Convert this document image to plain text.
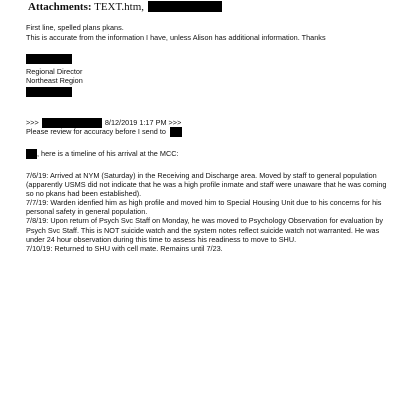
Attachments: TEXT.htm,
First line, spelled plans pkans.
This is accurate from the information I have, unless Alison has additional information. Thanks
Regional Director
Northeast Region
>>>	8/12/2019 1:17 PM >>>
Please review for accuracy before I send to
, here is a timeline of his arrival at the MCC:

7/6/19: Arrived at NYM (Saturday) in the Receiving and Discharge area. Moved by staff to general population (apparently USMS did not indicate that he was a high profile inmate and staff were unaware that he was coming so no pkans had been established).

7/7/19: Warden idenfied him as high profile and moved him to Special Housing Unit due to his concerns for his personal safety in general population.

7/8/19: Upon return of Psych Svc Staff on Monday, he was moved to Psychology Observation for evaluation by Psych Svc Staff. This is NOT suicide watch and the system notes reflect suicide watch not warranted. He was under 24 hour observation during this time to assess his readiness to move to SHU.

7/10/19: Returned to SHU with cell mate. Remains until 7/23.
